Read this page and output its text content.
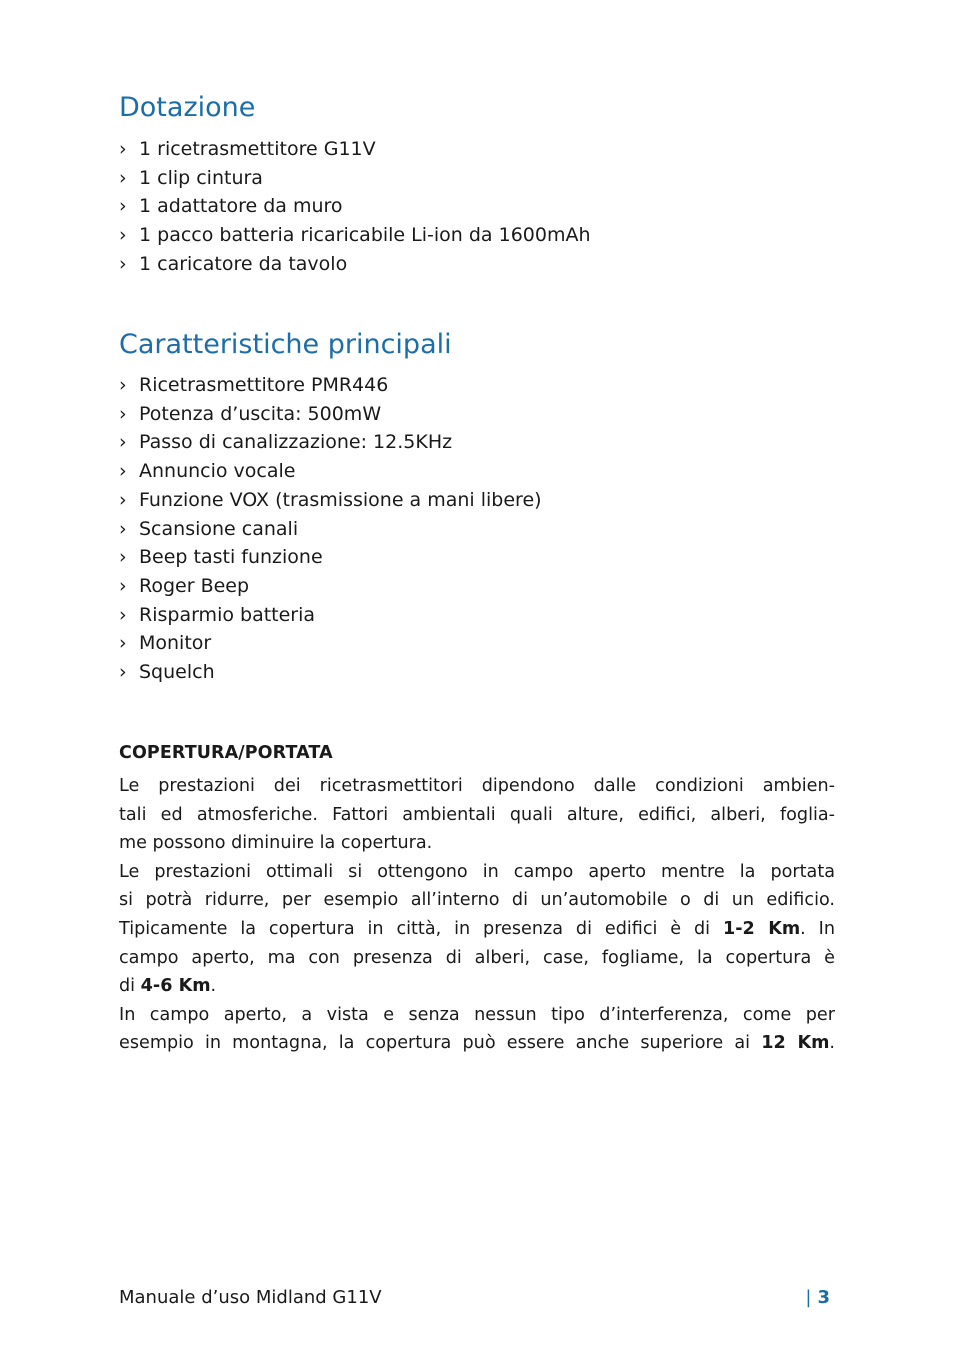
Dotazione
› 1 ricetrasmettitore G11V
› 1 clip cintura
› 1 adattatore da muro
› 1 pacco batteria ricaricabile Li-ion da 1600mAh
› 1 caricatore da tavolo
Caratteristiche principali
› Ricetrasmettitore PMR446
› Potenza d’uscita: 500mW
› Passo di canalizzazione: 12.5KHz
› Annuncio vocale
› Funzione VOX (trasmissione a mani libere)
› Scansione canali
› Beep tasti funzione
› Roger Beep
› Risparmio batteria
› Monitor
› Squelch
COPERTURA/PORTATA
Le prestazioni dei ricetrasmettitori dipendono dalle condizioni ambien-
tali ed atmosferiche. Fattori ambientali quali alture, edifici, alberi, foglia-
me possono diminuire la copertura.
Le prestazioni ottimali si ottengono in campo aperto mentre la portata
si potrà ridurre, per esempio all’interno di un’automobile o di un edificio.
Tipicamente la copertura in città, in presenza di edifici è di 1-2 Km. In
campo aperto, ma con presenza di alberi, case, fogliame, la copertura è
di 4-6 Km.
In campo aperto, a vista e senza nessun tipo d’interferenza, come per
esempio in montagna, la copertura può essere anche superiore ai 12 Km.
Manuale d’uso Midland G11V	| 3
